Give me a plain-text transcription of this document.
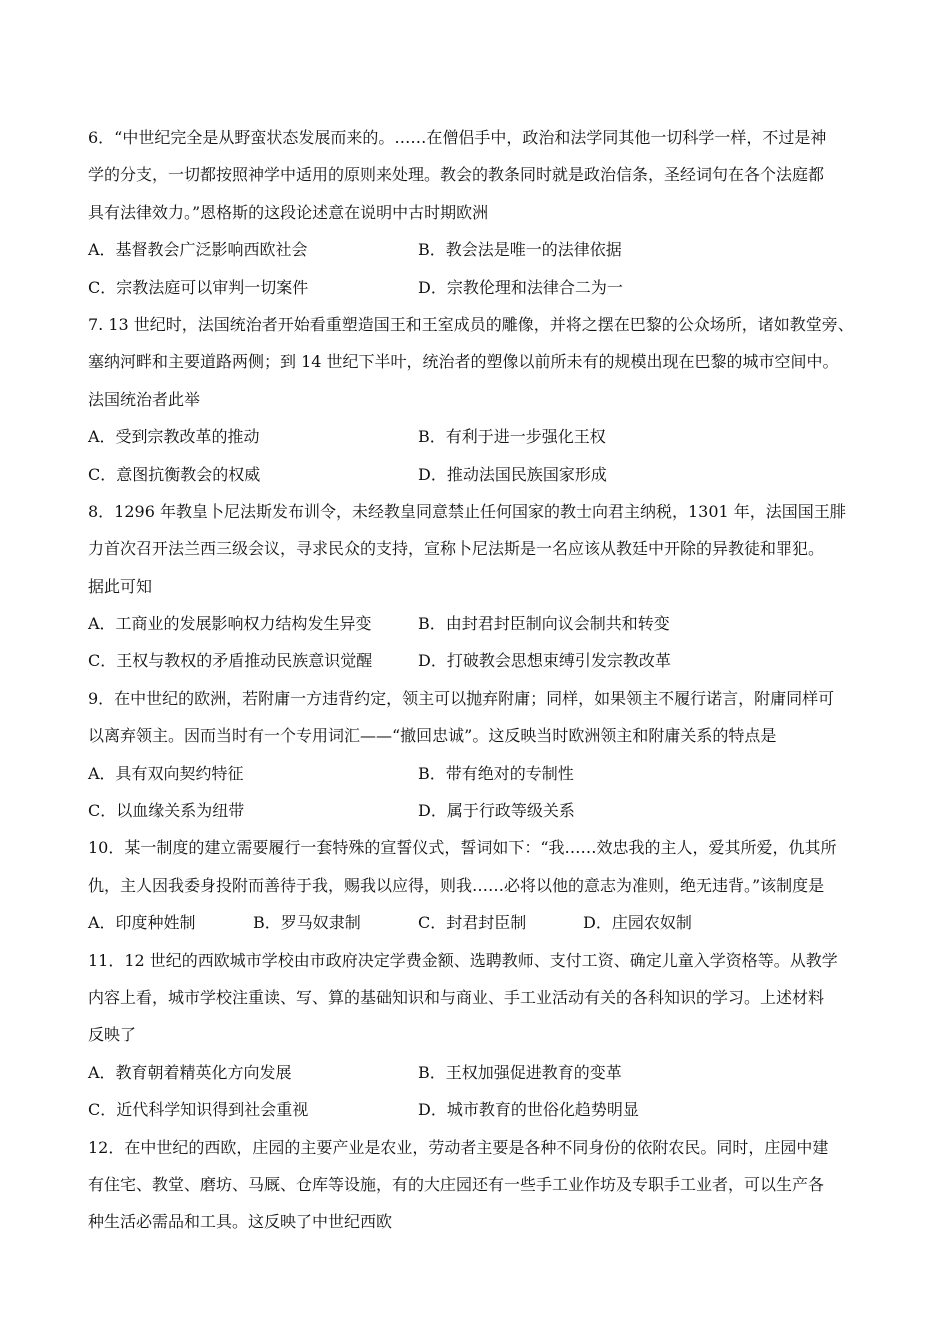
6．“中世纪完全是从野蛮状态发展而来的。……在僧侣手中，政治和法学同其他一切科学一样，不过是神
学的分支，一切都按照神学中适用的原则来处理。教会的教条同时就是政治信条，圣经词句在各个法庭都
具有法律效力。”恩格斯的这段论述意在说明中古时期欧洲
A．基督教会广泛影响西欧社会	B．教会法是唯一的法律依据
C．宗教法庭可以审判一切案件	D．宗教伦理和法律合二为一
7. 13 世纪时，法国统治者开始看重塑造国王和王室成员的雕像，并将之摆在巴黎的公众场所，诸如教堂旁、
塞纳河畔和主要道路两侧；到 14 世纪下半叶，统治者的塑像以前所未有的规模出现在巴黎的城市空间中。
法国统治者此举
A．受到宗教改革的推动	B．有利于进一步强化王权
C．意图抗衡教会的权威	D．推动法国民族国家形成
8．1296 年教皇卜尼法斯发布训令，未经教皇同意禁止任何国家的教士向君主纳税，1301 年，法国国王腓
力首次召开法兰西三级会议，寻求民众的支持，宣称卜尼法斯是一名应该从教廷中开除的异教徒和罪犯。
据此可知
A．工商业的发展影响权力结构发生异变	B．由封君封臣制向议会制共和转变
C．王权与教权的矛盾推动民族意识觉醒	D．打破教会思想束缚引发宗教改革
9．在中世纪的欧洲，若附庸一方违背约定，领主可以抛弃附庸；同样，如果领主不履行诺言，附庸同样可
以离弃领主。因而当时有一个专用词汇——“撤回忠诚”。这反映当时欧洲领主和附庸关系的特点是
A．具有双向契约特征	B．带有绝对的专制性
C．以血缘关系为纽带	D．属于行政等级关系
10．某一制度的建立需要履行一套特殊的宣誓仪式，誓词如下：“我……效忠我的主人，爱其所爱，仇其所
仇，主人因我委身投附而善待于我，赐我以应得，则我……必将以他的意志为准则，绝无违背。”该制度是
A．印度种姓制	B．罗马奴隶制	C．封君封臣制	D．庄园农奴制
11．12 世纪的西欧城市学校由市政府决定学费金额、选聘教师、支付工资、确定儿童入学资格等。从教学
内容上看，城市学校注重读、写、算的基础知识和与商业、手工业活动有关的各科知识的学习。上述材料
反映了
A．教育朝着精英化方向发展	B．王权加强促进教育的变革
C．近代科学知识得到社会重视	D．城市教育的世俗化趋势明显
12．在中世纪的西欧，庄园的主要产业是农业，劳动者主要是各种不同身份的依附农民。同时，庄园中建
有住宅、教堂、磨坊、马厩、仓库等设施，有的大庄园还有一些手工业作坊及专职手工业者，可以生产各
种生活必需品和工具。这反映了中世纪西欧
